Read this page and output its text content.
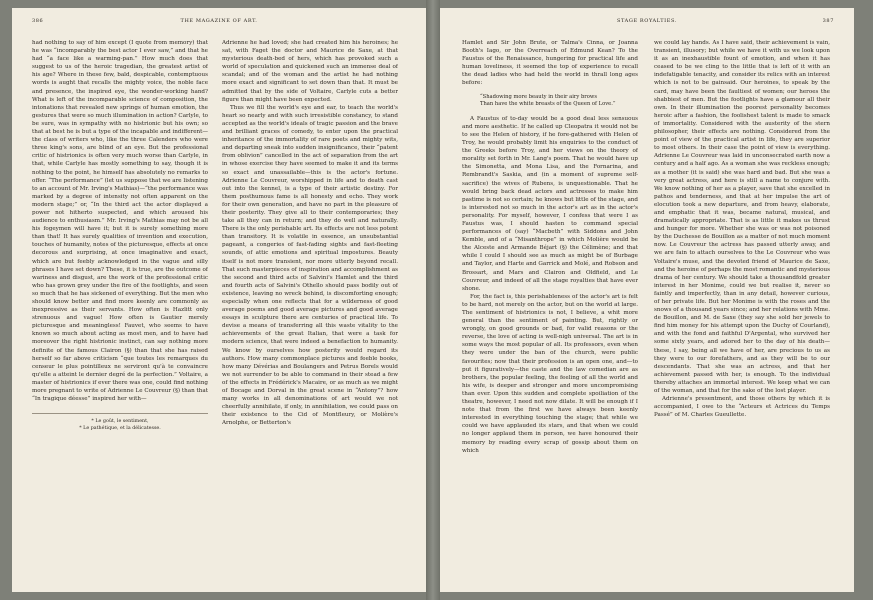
386	THE MAGAZINE OF ART.

had nothing to say of him except (I quote from memory) that he was “incomparably the best actor I ever saw,” and that he had “a face like a warming-pan.” How much does that suggest to us of the heroic tragedian, the greatest artist of his age? Where in these few, bald, despicable, contemptuous words is aught that recalls the mighty voice, the noble face and presence, the inspired eye, the wonder-working hand? What is left of the incomparable science of composition, the intonations that revealed new springs of human emotion, the gestures that were so much illumination in action? Carlyle, to be sure, was in sympathy with no histrionic but his own; so that at best he is but a type of the incapable and indifferent—the class of writers who, like the three Calenders who were three king's sons, are blind of an eye. But the professional critic of histrionics is often very much worse than Carlyle, in that, while Carlyle has mostly something to say, though it is nothing to the point, he himself has absolutely no remarks to offer. “The performance” (let us suppose that we are listening to an account of Mr. Irving's Mathias)—“the performance was marked by a degree of intensity not often apparent on the modern stage;” or, “In the third act the actor displayed a power not hitherto suspected, and which aroused his audience to enthusiasm.” Mr. Irving's Mathias may not be all his fogeymen will have it; but it is surely something more than that! It has surely qualities of invention and execution, touches of humanity, notes of the picturesque, effects at once decorous and surprising, at once imaginative and exact, which are but feebly acknowledged in the vague and silly phrases I have set down? These, it is true, are the outcome of wariness and disgust, are the work of the professional critic who has grown grey under the fire of the footlights, and seen so much that he has sickened of everything. But the men who should know better and find more keenly are commonly as inexpressive as their servants. How often is Hazlitt only strenuous and vague! How often is Gautier merely picturesque and meaningless! Fauvet, who seems to have known so much about acting as most men, and to have had moreover the right histrionic instinct, can say nothing more definite of the famous Clairon (§) than that she has raised herself so far above criticism “que toutes les remarques du censeur le plus pointilleux ne serviront qu'à te convaincre qu'elle a atteint le dernier degré de la perfection.” Voltaire, a master of histrionics if ever there was one, could find nothing more pregnant to write of Adrienne Le Couvreur (§) than that “In tragique déesse” inspired her with—

* Le goût, le sentiment,
* Le pathétique, et la délicatesse.

Adrienne he had loved; she had created him his heroines; he sat, with Faget the doctor and Maurice de Saxe, at that mysterious death-bed of hers, which has provoked such a world of speculation and quickened such an immense deal of scandal; and of the woman and the artist he had nothing more exact and significant to set down than that. It must be admitted that by the side of Voltaire, Carlyle cuts a better figure than might have been expected.

Thus we fill the world's eye and ear, to teach the world's heart so nearly and with such irresistible constancy, to stand accepted as the world's ideals of tragic passion and the brave and brilliant graces of comedy, to enter upon the practical inheritance of the immortality of rare poets and mighty wits, and departing sneak into sudden insignificance, their “patent from oblivion” cancelled in the act of separation from the art in whose exercise they have seemed to make it and its terms so exact and unassailable—this is the actor's fortune. Adrienne Le Couvreur, worshipped in life and to death cast out into the kennel, is a type of their artistic destiny. For them posthumous fame is all honesty and echo. They work for their own generation, and have no part in the pleasure of their posterity. They give all to their contemporaries; they take all they can in return; and they do well and naturally. There is the only perishable art. Its effects are not less potent than transitory. It is volatile in essence, an unsubstantial pageant, a congeries of fast-fading sights and fast-fleeting sounds, of attic emotions and spiritual impostures. Beauty itself is not more transient, nor more utterly beyond recall. That such masterpieces of inspiration and accomplishment as the second and third acts of Salvini's Hamlet and the third and fourth acts of Salvini's Othello should pass bodily out of existence, leaving no wreck behind, is discomforting enough; especially when one reflects that for a wilderness of good average poems and good average pictures and good average essays in sculpture there are centuries of practical life. To devise a means of transferring all this waste vitality to the achievements of the great Italian, that were a task for modern science, that were indeed a benefaction to humanity. We know by ourselves how posterity would regard its authors. How many commonplace pictures and feeble books, how many Dévérias and Boulangers and Petrus Borels would we not surrender to be able to command in their stead a few of the effects in Frédérick's Macaire, or as much as we might of Bocage and Dorval in the great scene in “Antony”? how many works in all denominations of art would we not cheerfully annihilate, if only, in annihilation, we could pass on their existence to the Cid of Montfleury, or Molière's Arnolphe, or Betterton's

STAGE ROYALTIES.	387

Hamlet and Sir John Brute, or Talma's Cinna, or Joanna Booth's Iago, or the Overreach of Edmund Kean? To the Faustus of the Renaissance, hungering for practical life and human loveliness, it seemed the top of experience to recall the dead ladies who had held the world in thrall long ages before:

“Shadowing more beauty in their airy brows
Than have the white breasts of the Queen of Love.”

A Faustus of to-day would be a good deal less sensuous and more aesthetic. If he called up Cleopatra it would not be to see the Helen of history, if he fore-gathered with Helen of Troy, he would probably limit his enquiries to the conduct of the Greeks before Troy, and her views on the theory of morality set forth in Mr. Lang's poem. That he would have up the Simonetta, and Mona Lisa, and the Fornarina, and Rembrandt's Saskia, and (in a moment of supreme self-sacrifice) the wives of Rubens, is unquestionable. That he would bring back dead actors and actresses to make him pastime is not so certain; he knows but little of the stage, and is interested not so much in the actor's art as in the actor's personality. For myself, however, I confess that were I as Faustus was, I should hasten to command special performances of (say) “Macbeth” with Siddons and John Kemble, and of a “Misanthrope” in which Molière would be the Alceste and Armande Béjart (§) the Célimène; and that while I could I should see as much as might be of Burbage and Taylor, and Harte and Garrick and Molé, and Robson and Brossart, and Mars and Clairon and Oldfield, and Le Couvreur, and indeed of all the stage royalties that have ever shone.

For, the fact is, this perishableness of the actor's art is felt to be hard, not merely on the actor, but on the world at large. The sentiment of histrionics is not, I believe, a whit more general than the sentiment of painting. But, rightly or wrongly, on good grounds or bad, for valid reasons or the reverse, the love of acting is well-nigh universal. The art is in some ways the most popular of all. Its professors, even when they were under the ban of the church, were public favourites; now that their profession is an open one, and—to put it figuratively—the caste and the law comedian are as brothers, the popular feeling, the feeling of all the world and his wife, is deeper and stronger and more uncompromising than ever. Upon this sudden and complete spoiliation of the theatre, however, I need not now dilate. It will be enough if I note that from the first we have always been keenly interested in everything touching the stage; that while we could we have applauded its stars, and that when we could no longer applaud them in person, we have honoured their memory by reading every scrap of gossip about them on which

we could lay hands. As I have said, their achievement is vain, transient, illusory; but while we have it with us we look upon it as an inexhaustible fount of emotion, and when it has ceased to be we cling to the little that is left of it with an indefatigable tenacity, and consider its relics with an interest which is not to be gainsaid. Our heroines, to speak by the card, may have been the faultiest of women; our heroes the shabbiest of men. But the footlights have a glamour all their own. In their illumination the poorest personality becomes heroic after a fashion, the foolishest talent is made to smack of immortality. Considered with the austerity of the stern philosopher, their effects are nothing. Considered from the point of view of the practical artist in life, they are superior to most others. In their case the point of view is everything. Adrienne Le Couvreur was laid in unconsecrated earth now a century and a half ago. As a woman she was reckless enough; as a mother (it is said) she was hard and bad. But she was a very great actress, and here is still a name to conjure with. We know nothing of her as a player, save that she excelled in pathos and tenderness, and that at her impulse the art of elocution took a new departure, and from heavy, elaborate, and emphatic that it was, became natural, musical, and dramatically appropriate. That is as little it makes us thrust and hunger for more. Whether she was or was not poisoned by the Duchesse de Bouillon as a matter of not much moment now. Le Couvreur the actress has passed utterly away, and we are fain to attach ourselves to the Le Couvreur who was Voltaire's muse, and the devoted friend of Maurice de Saxe, and the heroine of perhaps the most romantic and mysterious drama of her century. We should take a thousandfold greater interest in her Monime, could we but realise it, never so faintly and imperfectly, than in any detail, however curious, of her private life. But her Monime is with the roses and the snows of a thousand years since; and her relations with Mme. de Bouillon, and M. de Saxe (they say she sold her jewels to find him money for his attempt upon the Duchy of Courland), and with the fond and faithful D'Argental, who survived her some sixty years, and adored her to the day of his death—these, I say, being all we have of her, are precious to us as they were to our forefathers, and as they will be to our descendants. That she was an actress, and that her achievement passed with her, is enough. To the individual thereby attaches an immortal interest. We keep what we can of the woman, and that for the sake of the lost player.

Adrienne's presentment, and those others by which it is accompanied, I owe to the “Acteurs et Actrices du Temps Passé” of M. Charles Gueullette.
